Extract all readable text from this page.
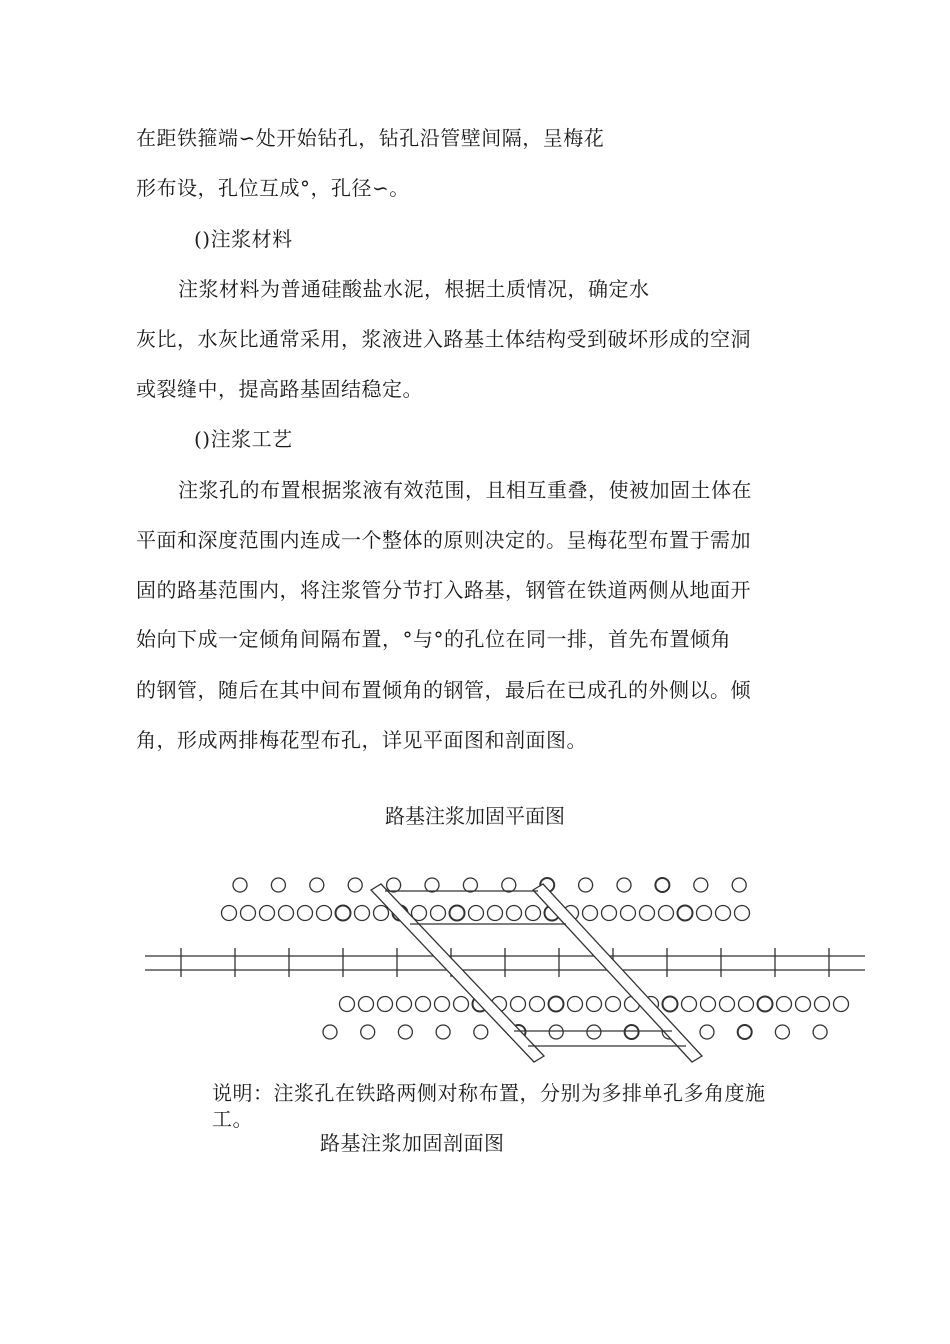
在距铁箍端∽处开始钻孔，钻孔沿管壁间隔，呈梅花
形布设，孔位互成°，孔径∽。
()注浆材料
注浆材料为普通硅酸盐水泥，根据土质情况，确定水
灰比，水灰比通常采用，浆液进入路基土体结构受到破坏形成的空洞
或裂缝中，提高路基固结稳定。
()注浆工艺
注浆孔的布置根据浆液有效范围，且相互重叠，使被加固土体在
平面和深度范围内连成一个整体的原则决定的。呈梅花型布置于需加
固的路基范围内，将注浆管分节打入路基，钢管在铁道两侧从地面开
始向下成一定倾角间隔布置，°与°的孔位在同一排，首先布置倾角
的钢管，随后在其中间布置倾角的钢管，最后在已成孔的外侧以。倾
角，形成两排梅花型布孔，详见平面图和剖面图。
路基注浆加固平面图
说明：注浆孔在铁路两侧对称布置，分别为多排单孔多角度施
工。
路基注浆加固剖面图
